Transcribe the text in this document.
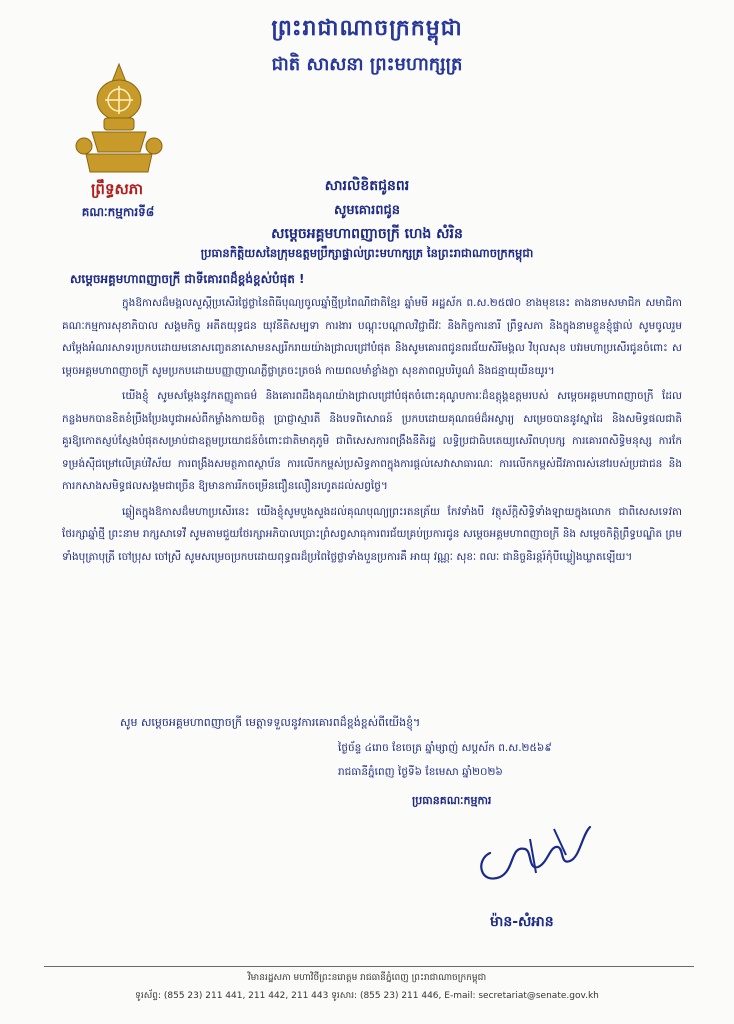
ព្រះរាជាណាចក្រកម្ពុជា
ជាតិ សាសនា ព្រះមហាក្សត្រ
ព្រឹទ្ធសភា
គណៈកម្មការទី៨
សារលិខិតជូនពរ
សូមគោរពជូន
សម្តេចអគ្គមហាពញាចក្រី ហេង សំរិន
ប្រធានកិត្តិយសនៃក្រុមឧត្តមប្រឹក្សាផ្ទាល់ព្រះមហាក្សត្រ នៃព្រះរាជាណាចក្រកម្ពុជា
សម្តេចអគ្គមហាពញាចក្រី ជាទីគោរពដ៏ខ្ពង់ខ្ពស់បំផុត !

ក្នុងឱកាសដ៏មង្គលសួស្តីប្រសើរថ្លៃថ្លានៃពិធីបុណ្យចូលឆ្នាំថ្មីប្រពៃណីជាតិខ្មែរ ឆ្នាំមមី អដ្ឋស័ក ព.ស.២៥៧០ ខាងមុខនេះ តាងនាមសមាជិក សមាជិកា គណៈកម្មការសុខាភិបាល សង្គមកិច្ច អតីតយុទ្ធជន យុវនីតិសម្បទា ការងារ បណ្តុះបណ្តាលវិជ្ជាជីវៈ និងកិច្ចការនារី ព្រឹទ្ធសភា និងក្នុងនាមខ្លួនខ្ញុំផ្ទាល់ សូមចូលរួមសម្តែងអំណរសាទរប្រកបដោយមនោសញ្ចេតនាសោមនស្សរីករាយយ៉ាងជ្រាលជ្រៅបំផុត និងសូមគោរពជូនពរជ័យសិរីមង្គល វិបុលសុខ បវរមហាប្រសើរជូនចំពោះ សម្តេចអគ្គមហាពញាចក្រី សូមប្រកបដោយបញ្ញាញាណភ្លឺថ្លាត្រចះត្រចង់ កាយពលមាំខ្លាំងក្លា សុខភាពល្អបរិបូណ៌ និងជន្មាយុយឺនយូរ។

យើងខ្ញុំ សូមសម្តែងនូវកតញ្ញូតាធម៌ និងគោរពដឹងគុណយ៉ាងជ្រាលជ្រៅបំផុតចំពោះគុណូបការៈដ៏ឧត្តុង្គឧត្តមរបស់ សម្តេចអគ្គមហាពញាចក្រី ដែលកន្លងមកបានខិតខំប្រឹងប្រែងបូជាអស់ពីកម្លាំងកាយចិត្ត ប្រាជ្ញាស្មារតី និងបទពិសោធន៍ ប្រកបដោយគុណធម៌ដ៏អស្ចារ្យ សម្រេចបាននូវស្នាដៃ និងសមិទ្ធផលជាតិគួរឱ្យកោតស្ញប់ស្ញែងបំផុតសម្រាប់ជាឧត្តមប្រយោជន៍ចំពោះជាតិមាតុភូមិ ជាពិសេសការពង្រឹងនីតិរដ្ឋ លទ្ធិប្រជាធិបតេយ្យសេរីពហុបក្ស ការគោរពសិទ្ធិមនុស្ស ការកែទម្រង់ស៊ីជម្រៅលើគ្រប់វិស័យ ការពង្រឹងសមត្ថភាពស្ថាប័ន ការលើកកម្ពស់ប្រសិទ្ធភាពក្នុងការផ្តល់សេវាសាធារណៈ ការលើកកម្ពស់ជីវភាពរស់នៅរបស់ប្រជាជន និងការកសាងសមិទ្ធផលសង្គមជាច្រើន ឱ្យមានការរីកចម្រើនជឿនលឿនរហូតដល់សព្វថ្ងៃ។

ឆ្លៀតក្នុងឱកាសដ៏មហាប្រសើរនេះ យើងខ្ញុំសូមបួងសួងដល់គុណបុណ្យព្រះរតនត្រ័យ កែវទាំងបី វត្ថុស័ក្តិសិទ្ធិទាំងឡាយក្នុងលោក ជាពិសេសទេវតាថែរក្សាឆ្នាំថ្មី ព្រះនាម រាក្សសាទេវី សូមតាមជួយថែរក្សាអភិបាលប្រោះព្រំសព្វសាធុការពរជ័យគ្រប់ប្រការជូន សម្តេចអគ្គមហាពញាចក្រី និង សម្តេចកិត្តិព្រឹទ្ធបណ្ឌិត ព្រមទាំងបុត្រាបុត្រី ចៅប្រុស ចៅស្រី សូមសម្រេចប្រកបដោយពុទ្ធពរដ៏ប្រពៃថ្លៃថ្លាទាំងបួនប្រការគឺ អាយុ វណ្ណៈ សុខៈ ពលៈ ជានិច្ចនិរន្តរ៍កុំបីឃ្លៀងឃ្លាតឡើយ។

សូម សម្តេចអគ្គមហាពញាចក្រី មេត្តាទទួលនូវការគោរពដ៏ខ្ពង់ខ្ពស់ពីយើងខ្ញុំ។
ថ្ងៃច័ន្ទ ៤រោច ខែចេត្រ ឆ្នាំម្សាញ់ សប្តស័ក ព.ស.២៥៦៩
រាជធានីភ្នំពេញ ថ្ងៃទី៦ ខែមេសា ឆ្នាំ២០២៦
ប្រធានគណៈកម្មការ
ម៉ាន-សំអាន
វិមានរដ្ឋសភា មហាវិថីព្រះនរោត្តម រាជធានីភ្នំពេញ ព្រះរាជាណាចក្រកម្ពុជា
ទូរស័ព្ទ: (855 23) 211 441, 211 442, 211 443 ទូរសារ: (855 23) 211 446, E-mail: secretariat@senate.gov.kh
